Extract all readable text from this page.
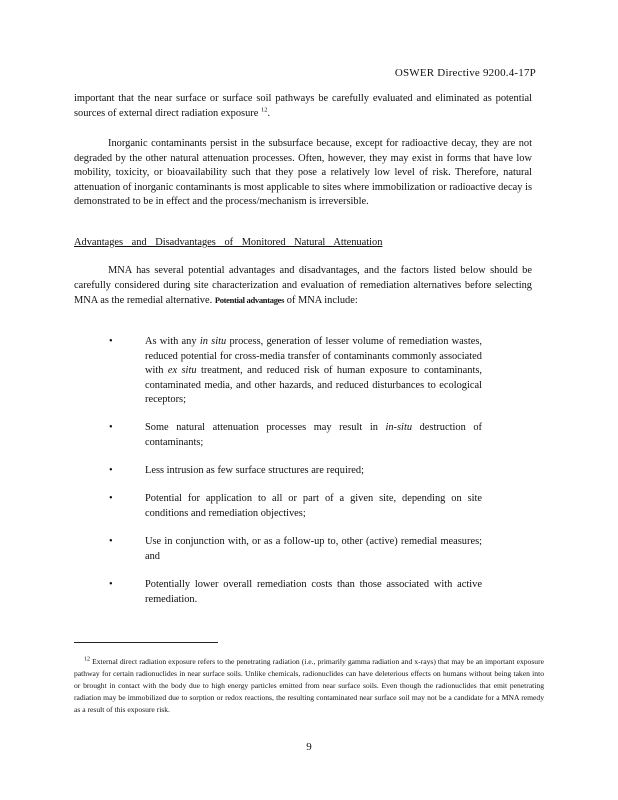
OSWER Directive 9200.4-17P

important that the near surface or surface soil pathways be carefully evaluated and eliminated as potential sources of external direct radiation exposure $^{12}$.

Inorganic contaminants persist in the subsurface because, except for radioactive decay, they are not degraded by the other natural attenuation processes. Often, however, they may exist in forms that have low mobility, toxicity, or bioavailability such that they pose a relatively low level of risk. Therefore, natural attenuation of inorganic contaminants is most applicable to sites where immobilization or radioactive decay is demonstrated to be in effect and the process/mechanism is irreversible.

Advantages and Disadvantages of Monitored Natural Attenuation

MNA has several potential advantages and disadvantages, and the factors listed below should be carefully considered during site characterization and evaluation of remediation alternatives before selecting MNA as the remedial alternative. Potential advantages of MNA include:

•	As with any in situ process, generation of lesser volume of remediation wastes, reduced potential for cross-media transfer of contaminants commonly associated with ex situ treatment, and reduced risk of human exposure to contaminants, contaminated media, and other hazards, and reduced disturbances to ecological receptors;
•	Some natural attenuation processes may result in in-situ destruction of contaminants;
•	Less intrusion as few surface structures are required;
•	Potential for application to all or part of a given site, depending on site conditions and remediation objectives;
•	Use in conjunction with, or as a follow-up to, other (active) remedial measures; and
•	Potentially lower overall remediation costs than those associated with active remediation.
$^{12}$ External direct radiation exposure refers to the penetrating radiation (i.e., primarily gamma radiation and x-rays) that may be an important exposure pathway for certain radionuclides in near surface soils. Unlike chemicals, radionuclides can have deleterious effects on humans without being taken into or brought in contact with the body due to high energy particles emitted from near surface soils. Even though the radionuclides that emit penetrating radiation may be immobilized due to sorption or redox reactions, the resulting contaminated near surface soil may not be a candidate for a MNA remedy as a result of this exposure risk.
9
